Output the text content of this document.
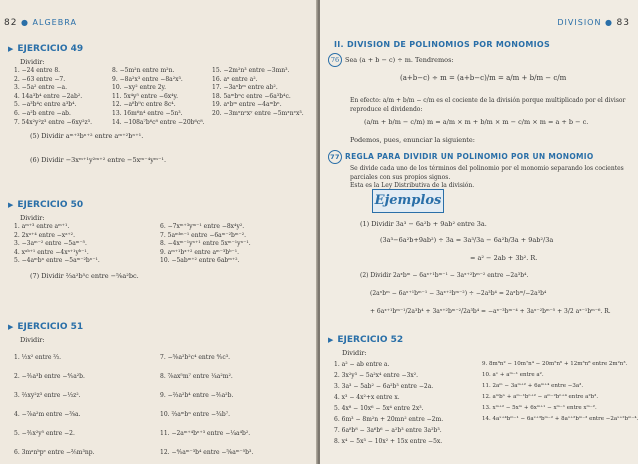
82 ● ALGEBRA
▶ EJERCICIO 49
Dividir:
1. −24 entre 8.
2. −63 entre −7.
3. −5a² entre −a.
4. 14a³b⁴ entre −2ab².
5. −a³b⁴c entre a³b⁴.
6. −a²b entre −ab.
7. 54x²y²z³ entre −6xy²z³.
8. −5m²n entre m²n.
9. −8a²x³ entre −8a²x³.
10. −xy² entre 2y.
11. 5x⁴y⁵ entre −6x⁴y.
12. −a⁸b⁹c entre 8c⁴.
13. 16m⁶n⁴ entre −5n³.
14. −108a⁷b⁶c⁸ entre −20b⁶c⁸.
15. −2m²n³ entre −3mn³.
16. aˣ entre a².
17. −3aˣbᵐ entre ab².
18. 5aᵐbⁿc entre −6a³b⁴c.
19. aˣbᵐ entre −4aᵐbⁿ.
20. −3mˣnᵉxʸ entre −5mˣnᵉx³.
(5) Dividir aᵐ⁺³bⁿ⁺² entre aᵐ⁺²bⁿ⁺¹.
(6) Dividir −3xᵐ⁺¹y²ᵐ⁺² entre −5xᵐ⁻⁴yᵐ⁻¹.
▶ EJERCICIO 50
Dividir:
1. aᵐ⁺³ entre aᵐ⁺¹.
2. 2xᵃ⁺⁴ entre −xᵃ⁺².
3. −3aᵐ⁻² entre −5aᵐ⁻⁵.
4. xᵃᵇ⁺¹ entre −4xᵃ⁺¹yᵇ⁻¹.
5. −4aᵐbⁿ entre −5aᵐ⁻²bⁿ⁻¹.
6. −7xᵐ⁺³yᵐ⁻¹ entre −8x⁴y².
7. 5aᵐᵇⁿ⁻¹ entre −6aᵐ⁻²bᵐ⁻².
8. −4xᵐ⁻¹yⁿ⁺¹ entre 5xᵐ⁻¹yⁿ⁻¹.
9. aᵐ⁺¹bˣ⁺² entre aᵐ⁻³bᵇ⁻¹.
10. −5abᵐ⁺² entre 6abᵐ⁺².
(7) Dividir ⅔a²b⁵c entre −⅚a²bc.
▶ EJERCICIO 51
Dividir:
1. ½x² entre ⅔.
2. −⅗a³b entre −⅘a²b.
3. ⅔xy²z³ entre −⅓z².
4. −⅞a²m entre −⅜a.
5. −⅗x²y⁵ entre −2.
6. 3mᵃnᵇpᵉ entre −⅖m³np.
7. −⅝a²b²c⁴ entre ⅘c³.
8. ⅞ax⁵m⁷ entre ¼a²m².
9. −⅔a²b⁴ entre −⅗a²b.
10. ⅔aᵐbⁿ entre −¾b⁷.
11. −2aᵐ⁺⁴bⁿ⁺³ entre −¼a⁴b².
12. −⅘aᵐ⁻³b⁴ entre −⅚aᵐ⁻⁵b³.
DIVISION ● 83
II. DIVISION DE POLINOMIOS POR MONOMIOS
76 Sea (a + b − c) ÷ m. Tendremos:
(a+b−c) ÷ m = (a+b−c)/m = a/m + b/m − c/m
En efecto: a/m + b/m − c/m es el cociente de la división porque multiplicado por el divisor reproduce el dividendo:
(a/m + b/m − c/m) m = a/m × m + b/m × m − c/m × m = a + b − c.
Podemos, pues, enunciar la siguiente:
77 REGLA PARA DIVIDIR UN POLINOMIO POR UN MONOMIO
Se divide cada uno de los términos del polinomio por el monomio separando los cocientes parciales con sus propios signos.
Esta es la Ley Distributiva de la división.
Ejemplos
(1) Dividir 3a³ − 6a²b + 9ab² entre 3a.
(3a³−6a²b+9ab²) ÷ 3a = 3a³/3a − 6a²b/3a + 9ab²/3a
= a² − 2ab + 3b². R.
(2) Dividir 2aˣbᵐ − 6aˣ⁺¹bᵐ⁻¹ − 3aˣ⁺²bᵐ⁻² entre −2a³b⁴.
(2aˣbᵐ − 6aˣ⁺¹bᵐ⁻¹ − 3aˣ⁺²bᵐ⁻²) ÷ −2a³b⁴ = 2aˣbᵐ/−2a³b⁴
+ 6aˣ⁺¹bᵐ⁻¹/2a³b⁴ + 3aˣ⁺²bᵐ⁻²/2a³b⁴ = −aˣ⁻³bᵐ⁻⁴ + 3aˣ⁻²bᵐ⁻⁵ + 3/2 aˣ⁻¹bᵐ⁻⁶. R.
▶ EJERCICIO 52
Dividir:
1. a² − ab entre a.
2. 3x²y³ − 5a²x⁴ entre −3x².
3. 3a³ − 5ab² − 6a²b³ entre −2a.
4. x³ − 4x²+x entre x.
5. 4x⁸ − 10x⁶ − 5x⁴ entre 2x³.
6. 6m³ − 8m²n + 20mn² entre −2m.
7. 6a⁸b⁸ − 3a⁶b⁶ − a²b³ entre 3a²b³.
8. x⁴ − 5x³ − 10x² + 15x entre −5x.
9. 8m⁹n² − 10m⁷n⁴ − 20m⁵n⁶ + 12m³n⁸ entre 2m²n³.
10. aˣ + aᵐ⁻¹ entre a².
11. 2aᵐ − 3aᵐ⁺² + 6aᵐ⁺⁴ entre −3a³.
12. aᵐbⁿ + aᵐ⁻¹bⁿ⁺² − aᵐ⁻²bⁿ⁺⁴ entre a²b³.
13. xᵐ⁺² − 5xᵐ + 6xᵐ⁺¹ − xᵐ⁻¹ entre xᵐ⁻².
14. 4aˣ⁺⁴bᵐ⁻¹ − 6aˣ⁺³bᵐ⁻² + 8aˣ⁺²bᵐ⁻³ entre −2aˣ⁺²bᵐ⁻⁴.
